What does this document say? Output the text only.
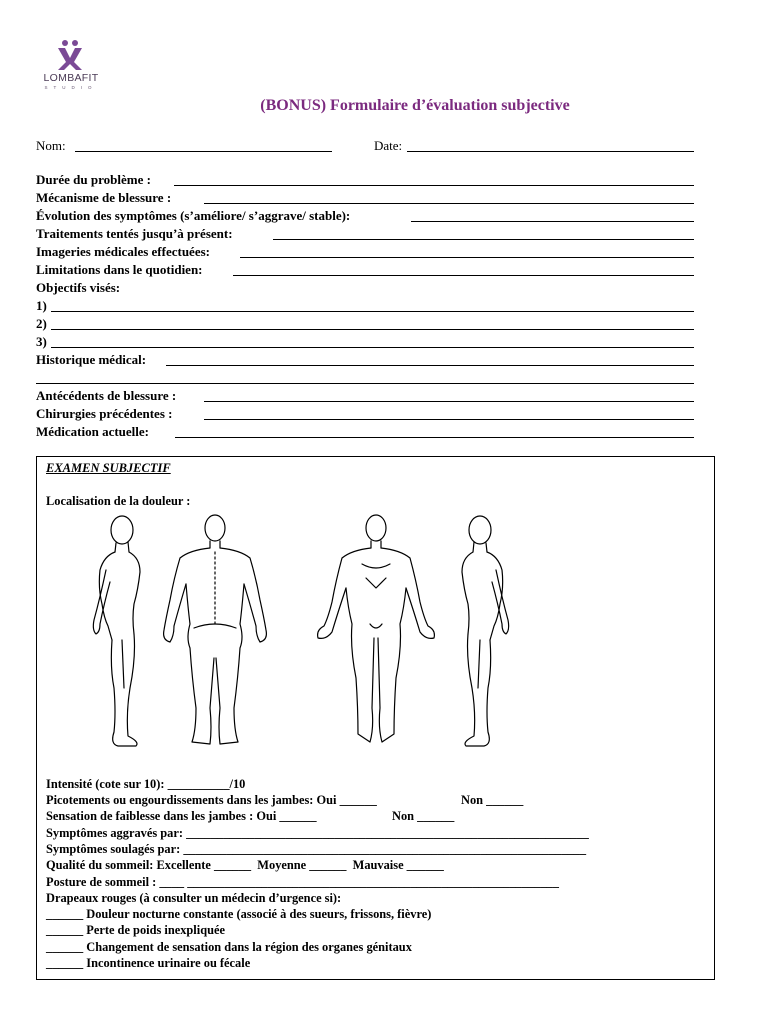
LOMBAFIT
STUDIO
(BONUS) Formulaire d’évaluation subjective
Nom:	Date:
Durée du problème :
Mécanisme de blessure :
Évolution des symptômes (s’améliore/ s’aggrave/ stable):
Traitements tentés jusqu’à présent:
Imageries médicales effectuées:
Limitations dans le quotidien:
Objectifs visés:
1)
2)
3)
Historique médical:
Antécédents de blessure :
Chirurgies précédentes :
Médication actuelle:
EXAMEN SUBJECTIF
Localisation de la douleur :
Intensité (cote sur 10): __________/10
Picotements ou engourdissements dans les jambes: Oui ______	Non ______
Sensation de faiblesse dans les jambes : Oui ______	Non ______
Symptômes aggravés par: _________________________________________________________________
Symptômes soulagés par: _________________________________________________________________
Qualité du sommeil: Excellente ______  Moyenne ______  Mauvaise ______
Posture de sommeil : ____ ____________________________________________________________
Drapeaux rouges (à consulter un médecin d’urgence si):
______ Douleur nocturne constante (associé à des sueurs, frissons, fièvre)
______ Perte de poids inexpliquée
______ Changement de sensation dans la région des organes génitaux
______ Incontinence urinaire ou fécale
